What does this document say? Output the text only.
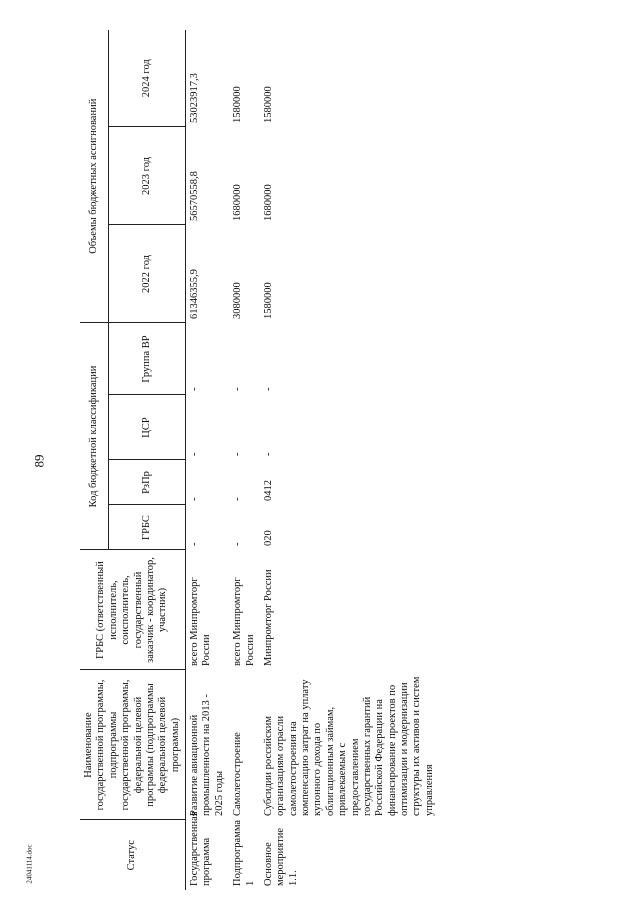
89
24041114.doc	Статус	Наименование государственной программы, подпрограммы государственной программы, федеральной целевой программы (подпрограммы федеральной целевой программы)	ГРБС (ответственный исполнитель, соисполнитель, государственный заказчик - координатор, участник)	Код бюджетной классификации				Объемы бюджетных ассигнований		
			ГРБС	РзПр	ЦСР	Группа ВР	2022 год	2023 год	2024 год
Государственная программа	Развитие авиационной промышленности на 2013 - 2025 годы	всего Минпромторг России	-	-	-	-	61346355,9	56570558,8	53023917,3
Подпрограмма 1	Самолетостроение	всего Минпромторг России	-	-	-	-	3080000	1680000	1580000
Основное мероприятие 1.1.	Субсидии российским организациям отрасли самолетостроения на компенсацию затрат на уплату купонного дохода по облигационным займам, привлекаемым с предоставлением государственных гарантий Российской Федерации на финансирование проектов по оптимизации и модернизации структуры их активов и систем управления	Минпромторг России	020	0412	-	-	1580000	1680000	1580000
